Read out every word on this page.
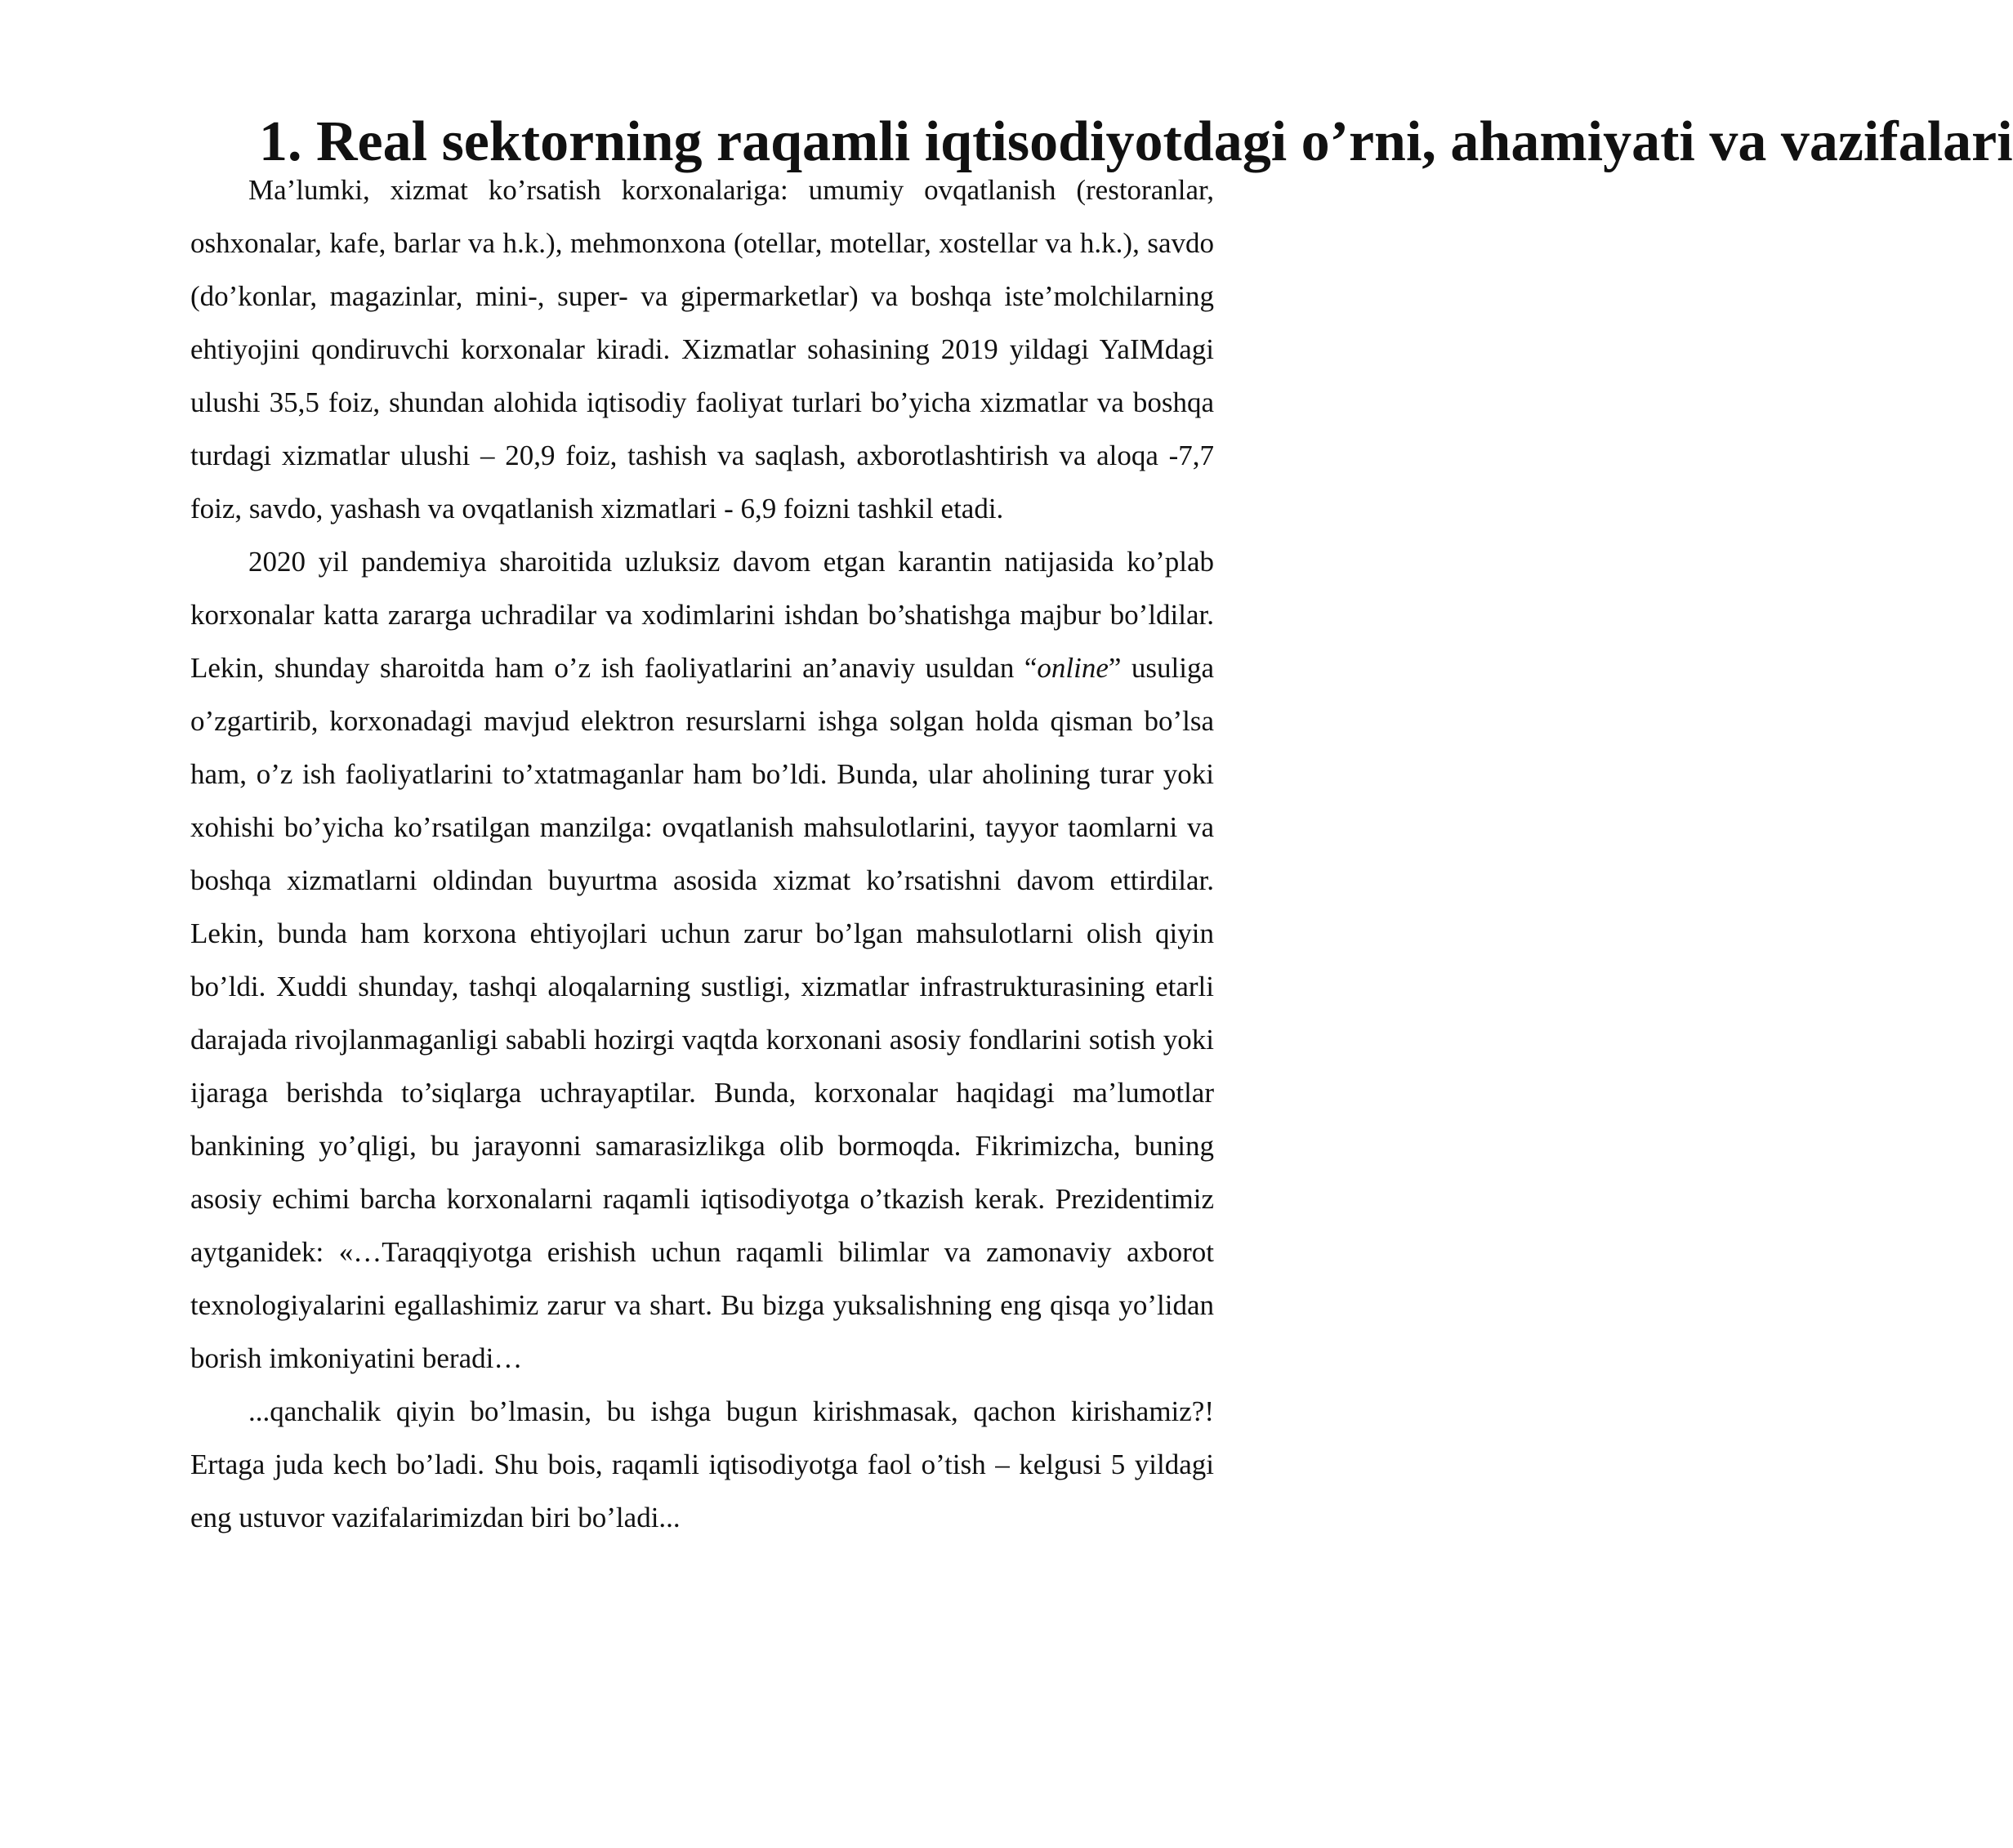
1. Real sektorning raqamli iqtisodiyotdagi o’rni, ahamiyati va vazifalari

Ma’lumki, xizmat ko’rsatish korxonalariga: umumiy ovqatlanish (restoranlar, oshxonalar, kafe, barlar va h.k.), mehmonxona (otellar, motellar, xostellar va h.k.), savdo (do’konlar, magazinlar, mini-, super- va gipermarketlar) va boshqa iste’molchilarning ehtiyojini qondiruvchi korxonalar kiradi. Xizmatlar sohasining 2019 yildagi YaIMdagi ulushi 35,5 foiz, shundan alohida iqtisodiy faoliyat turlari bo’yicha xizmatlar va boshqa turdagi xizmatlar ulushi – 20,9 foiz, tashish va saqlash, axborotlashtirish va aloqa -7,7 foiz, savdo, yashash va ovqatlanish xizmatlari - 6,9 foizni tashkil etadi.

2020 yil pandemiya sharoitida uzluksiz davom etgan karantin natijasida ko’plab korxonalar katta zararga uchradilar va xodimlarini ishdan bo’shatishga majbur bo’ldilar. Lekin, shunday sharoitda ham o’z ish faoliyatlarini an’anaviy usuldan “online” usuliga o’zgartirib, korxonadagi mavjud elektron resurslarni ishga solgan holda qisman bo’lsa ham, o’z ish faoliyatlarini to’xtatmaganlar ham bo’ldi. Bunda, ular aholining turar yoki xohishi bo’yicha ko’rsatilgan manzilga: ovqatlanish mahsulotlarini, tayyor taomlarni va boshqa xizmatlarni oldindan buyurtma asosida xizmat ko’rsatishni davom ettirdilar. Lekin, bunda ham korxona ehtiyojlari uchun zarur bo’lgan mahsulotlarni olish qiyin bo’ldi. Xuddi shunday, tashqi aloqalarning sustligi, xizmatlar infrastrukturasining etarli darajada rivojlanmaganligi sababli hozirgi vaqtda korxonani asosiy fondlarini sotish yoki ijaraga berishda to’siqlarga uchrayaptilar. Bunda, korxonalar haqidagi ma’lumotlar bankining yo’qligi, bu jarayonni samarasizlikga olib bormoqda. Fikrimizcha, buning asosiy echimi barcha korxonalarni raqamli iqtisodiyotga o’tkazish kerak. Prezidentimiz aytganidek: «…Taraqqiyotga erishish uchun raqamli bilimlar va zamonaviy axborot texnologiyalarini egallashimiz zarur va shart. Bu bizga yuksalishning eng qisqa yo’lidan borish imkoniyatini beradi…

...qanchalik qiyin bo’lmasin, bu ishga bugun kirishmasak, qachon kirishamiz?! Ertaga juda kech bo’ladi. Shu bois, raqamli iqtisodiyotga faol o’tish – kelgusi 5 yildagi eng ustuvor vazifalarimizdan biri bo’ladi...
